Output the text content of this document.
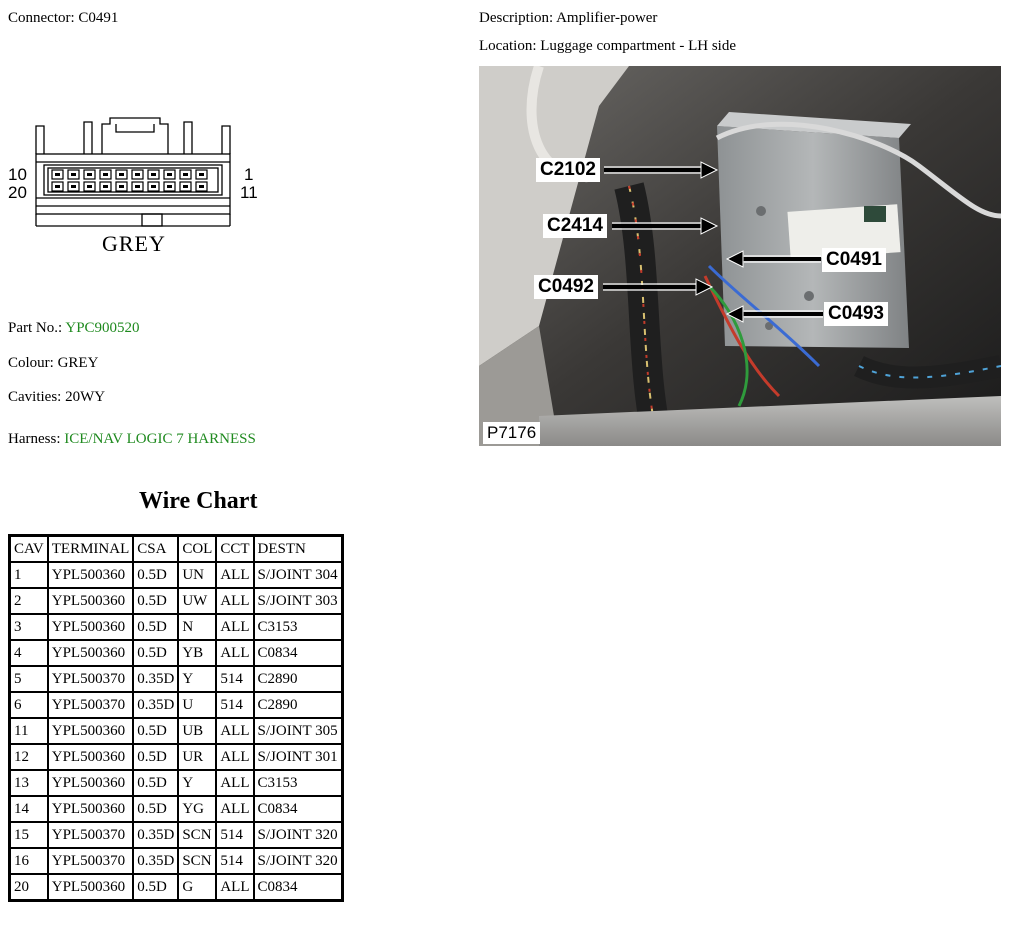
Connector: C0491	Description: Amplifier-power
Location: Luggage compartment - LH side
10
20
1
11
GREY
C2102
C2414
C0491
C0492
C0493
P7176
Part No.: YPC900520
Colour: GREY
Cavities: 20WY
Harness: ICE/NAV LOGIC 7 HARNESS
Wire Chart
CAV	TERMINAL	CSA	COL	CCT	DESTN
1	YPL500360	0.5D	UN	ALL	S/JOINT 304
2	YPL500360	0.5D	UW	ALL	S/JOINT 303
3	YPL500360	0.5D	N	ALL	C3153
4	YPL500360	0.5D	YB	ALL	C0834
5	YPL500370	0.35D	Y	514	C2890
6	YPL500370	0.35D	U	514	C2890
11	YPL500360	0.5D	UB	ALL	S/JOINT 305
12	YPL500360	0.5D	UR	ALL	S/JOINT 301
13	YPL500360	0.5D	Y	ALL	C3153
14	YPL500360	0.5D	YG	ALL	C0834
15	YPL500370	0.35D	SCN	514	S/JOINT 320
16	YPL500370	0.35D	SCN	514	S/JOINT 320
20	YPL500360	0.5D	G	ALL	C0834
